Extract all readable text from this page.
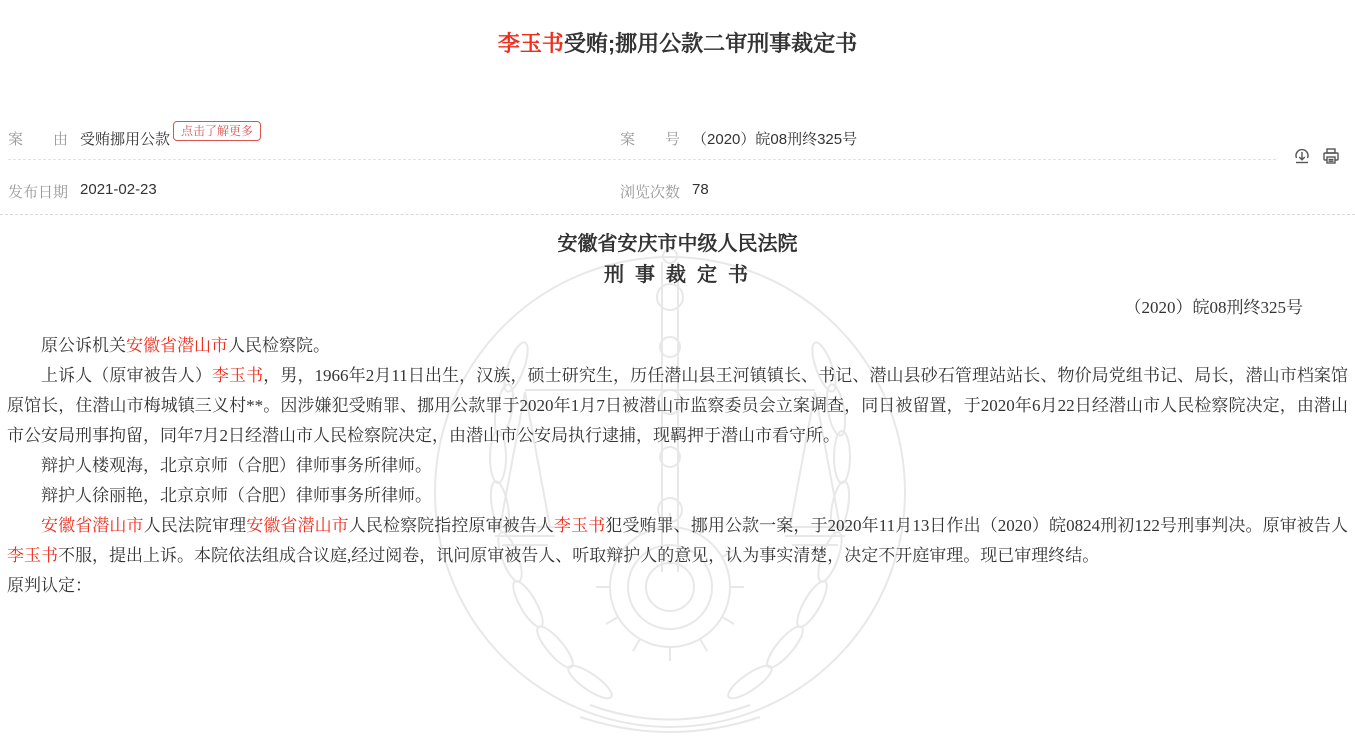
李玉书受贿;挪用公款二审刑事裁定书
案　　由 受贿挪用公款 点击了解更多	案　　号 （2020）皖08刑终325号
发布日期 2021-02-23	浏览次数 78
安徽省安庆市中级人民法院
刑 事 裁 定 书
（2020）皖08刑终325号

原公诉机关安徽省潜山市人民检察院。

上诉人（原审被告人）李玉书，男，1966年2月11日出生，汉族，硕士研究生，历任潜山县王河镇镇长、书记、潜山县砂石管理站站长、物价局党组书记、局长，潜山市档案馆原馆长，住潜山市梅城镇三义村**。因涉嫌犯受贿罪、挪用公款罪于2020年1月7日被潜山市监察委员会立案调查，同日被留置，于2020年6月22日经潜山市人民检察院决定，由潜山市公安局刑事拘留，同年7月2日经潜山市人民检察院决定，由潜山市公安局执行逮捕，现羁押于潜山市看守所。

辩护人楼观海，北京京师（合肥）律师事务所律师。

辩护人徐丽艳，北京京师（合肥）律师事务所律师。

安徽省潜山市人民法院审理安徽省潜山市人民检察院指控原审被告人李玉书犯受贿罪、挪用公款一案，于2020年11月13日作出（2020）皖0824刑初122号刑事判决。原审被告人李玉书不服，提出上诉。本院依法组成合议庭,经过阅卷，讯问原审被告人、听取辩护人的意见，认为事实清楚，决定不开庭审理。现已审理终结。

原判认定：
